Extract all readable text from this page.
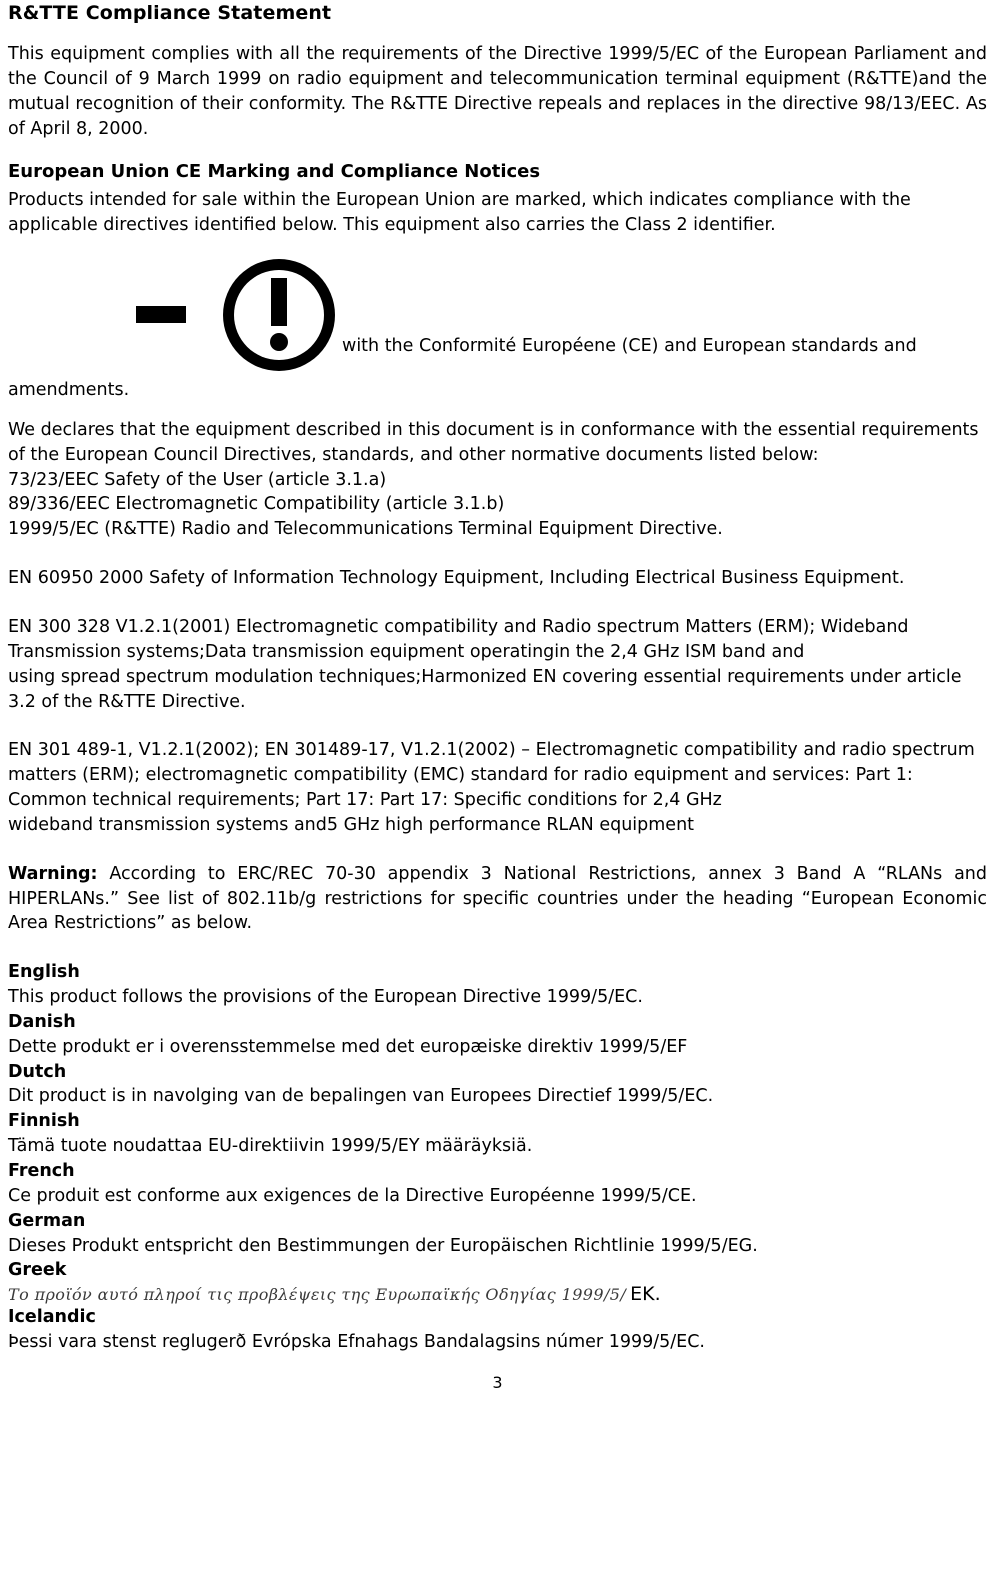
R&TTE Compliance Statement

This equipment complies with all the requirements of the Directive 1999/5/EC of the European Parliament and the Council of 9 March 1999 on radio equipment and telecommunication terminal equipment (R&TTE)and the mutual recognition of their conformity. The R&TTE Directive repeals and replaces in the directive 98/13/EEC. As of April 8, 2000.

European Union CE Marking and Compliance Notices

Products intended for sale within the European Union are marked, which indicates compliance with the applicable directives identified below. This equipment also carries the Class 2 identifier.

with the Conformité Européene (CE) and European standards and
amendments.

We declares that the equipment described in this document is in conformance with the essential requirements of the European Council Directives, standards, and other normative documents listed below:

73/23/EEC Safety of the User (article 3.1.a)

89/336/EEC Electromagnetic Compatibility (article 3.1.b)

1999/5/EC (R&TTE) Radio and Telecommunications Terminal Equipment Directive.

EN 60950 2000 Safety of Information Technology Equipment, Including Electrical Business Equipment.

EN 300 328 V1.2.1(2001) Electromagnetic compatibility and Radio spectrum Matters (ERM); Wideband Transmission systems;Data transmission equipment operatingin the 2,4 GHz ISM band and

using spread spectrum modulation techniques;Harmonized EN covering essential requirements under article 3.2 of the R&TTE Directive.

EN 301 489-1, V1.2.1(2002); EN 301489-17, V1.2.1(2002) – Electromagnetic compatibility and radio spectrum matters (ERM); electromagnetic compatibility (EMC) standard for radio equipment and services: Part 1: Common technical requirements; Part 17: Part 17: Specific conditions for 2,4 GHz

wideband transmission systems and5 GHz high performance RLAN equipment

Warning: According to ERC/REC 70-30 appendix 3 National Restrictions, annex 3 Band A “RLANs and HIPERLANs.” See list of 802.11b/g restrictions for specific countries under the heading “European Economic Area Restrictions” as below.

English
This product follows the provisions of the European Directive 1999/5/EC.
Danish
Dette produkt er i overensstemmelse med det europæiske direktiv 1999/5/EF
Dutch
Dit product is in navolging van de bepalingen van Europees Directief 1999/5/EC.
Finnish
Tämä tuote noudattaa EU-direktiivin 1999/5/EY määräyksiä.
French
Ce produit est conforme aux exigences de la Directive Européenne 1999/5/CE.
German
Dieses Produkt entspricht den Bestimmungen der Europäischen Richtlinie 1999/5/EG.
Greek
Το προϊόν αυτό πληροί τις προβλέψεις της Ευρωπαϊκής Οδηγίας 1999/5/ ΕΚ.
Icelandic
Þessi vara stenst reglugerð Evrópska Efnahags Bandalagsins númer 1999/5/EC.
3
